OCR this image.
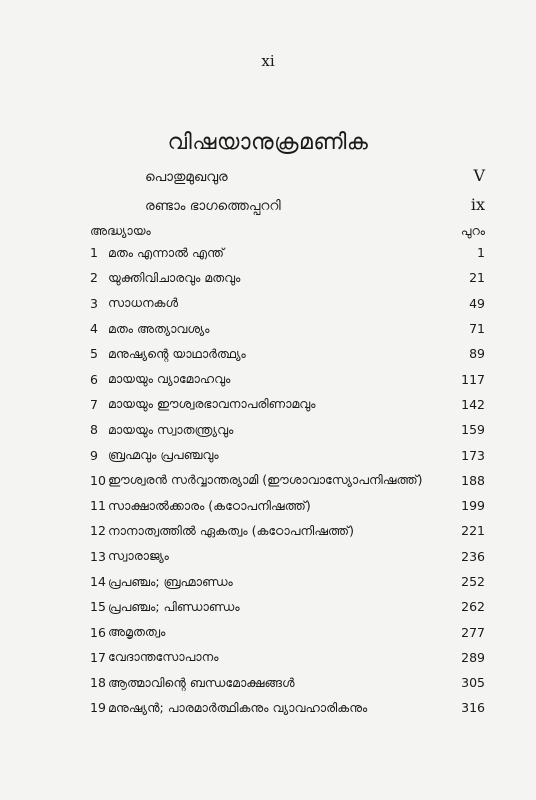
xi
വിഷയാനുക്രമണിക
പൊതുമുഖവുര	V
രണ്ടാം ഭാഗത്തെപ്പററി	ix
അദ്ധ്യായം	പുറം
1 മതം എന്നാൽ എന്ത്	1
2 യുക്തിവിചാരവും മതവും	21
3 സാധനകൾ	49
4 മതം അത്യാവശ്യം	71
5 മനുഷ്യന്റെ യാഥാർത്ഥ്യം	89
6 മായയും വ്യാമോഹവും	117
7 മായയും ഈശ്വരഭാവനാപരിണാമവും	142
8 മായയും സ്വാതന്ത്ര്യവും	159
9 ബ്രഹ്മവും പ്രപഞ്ചവും	173
10 ഈശ്വരൻ സർവ്വാന്തര്യാമി (ഈശാവാസ്യോപനിഷത്ത്)	188
11 സാക്ഷാൽക്കാരം (കഠോപനിഷത്ത്)	199
12 നാനാത്വത്തിൽ ഏകത്വം (കഠോപനിഷത്ത്)	221
13 സ്വാരാജ്യം	236
14 പ്രപഞ്ചം; ബ്രഹ്മാണ്ഡം	252
15 പ്രപഞ്ചം; പിണ്ഡാണ്ഡം	262
16 അമൃതത്വം	277
17 വേദാന്തസോപാനം	289
18 ആത്മാവിന്റെ ബന്ധമോക്ഷങ്ങൾ	305
19 മനുഷ്യൻ; പാരമാർത്ഥികനും വ്യാവഹാരികനും	316
